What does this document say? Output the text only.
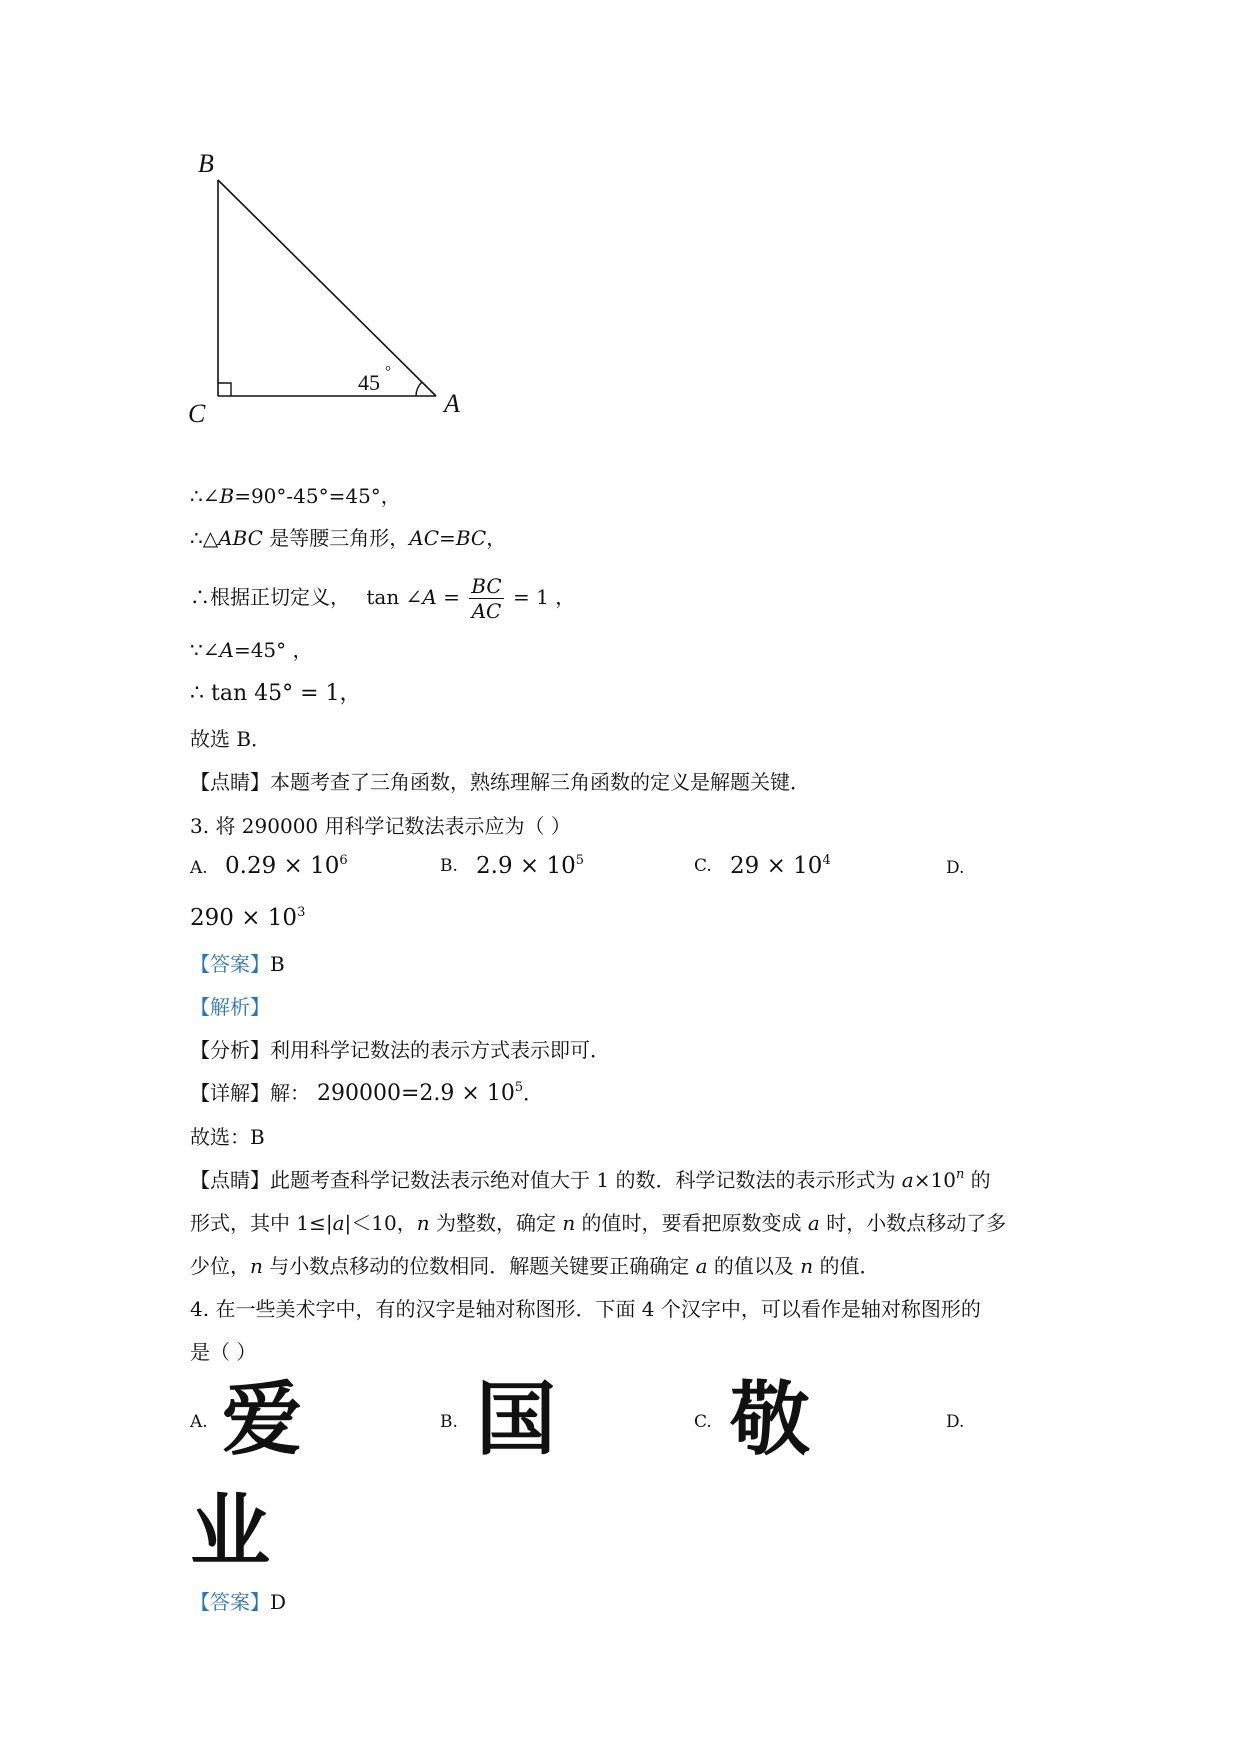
B
C	A
45 °
∴∠B=90°-45°=45°，
∴△ABC 是等腰三角形，AC=BC，
∴根据正切定义， tan ∠A = $\frac{BC}{AC} = 1$ ，
∵∠A=45° ，
∴ tan 45° = 1，
故选 B．
【点睛】本题考查了三角函数，熟练理解三角函数的定义是解题关键．
3. 将 290000 用科学记数法表示应为（ ）
A. $0.29 \times 10^6$	B. $2.9 \times 10^5$	C. $29 \times 10^4$	D.
$290 \times 10^3$
【答案】B
【解析】
【分析】利用科学记数法的表示方式表示即可．
【详解】解： $290000=2.9 \times 10^5$．
故选：B
【点睛】此题考查科学记数法表示绝对值大于 1 的数．科学记数法的表示形式为 $a\times 10^n$ 的
形式，其中 1≤|a|＜10，n 为整数，确定 n 的值时，要看把原数变成 a 时，小数点移动了多
少位，n 与小数点移动的位数相同．解题关键要正确确定 a 的值以及 n 的值．
4. 在一些美术字中，有的汉字是轴对称图形．下面 4 个汉字中，可以看作是轴对称图形的
是（ ）
A. 爱	B. 国	C. 敬	D.
业
【答案】D
